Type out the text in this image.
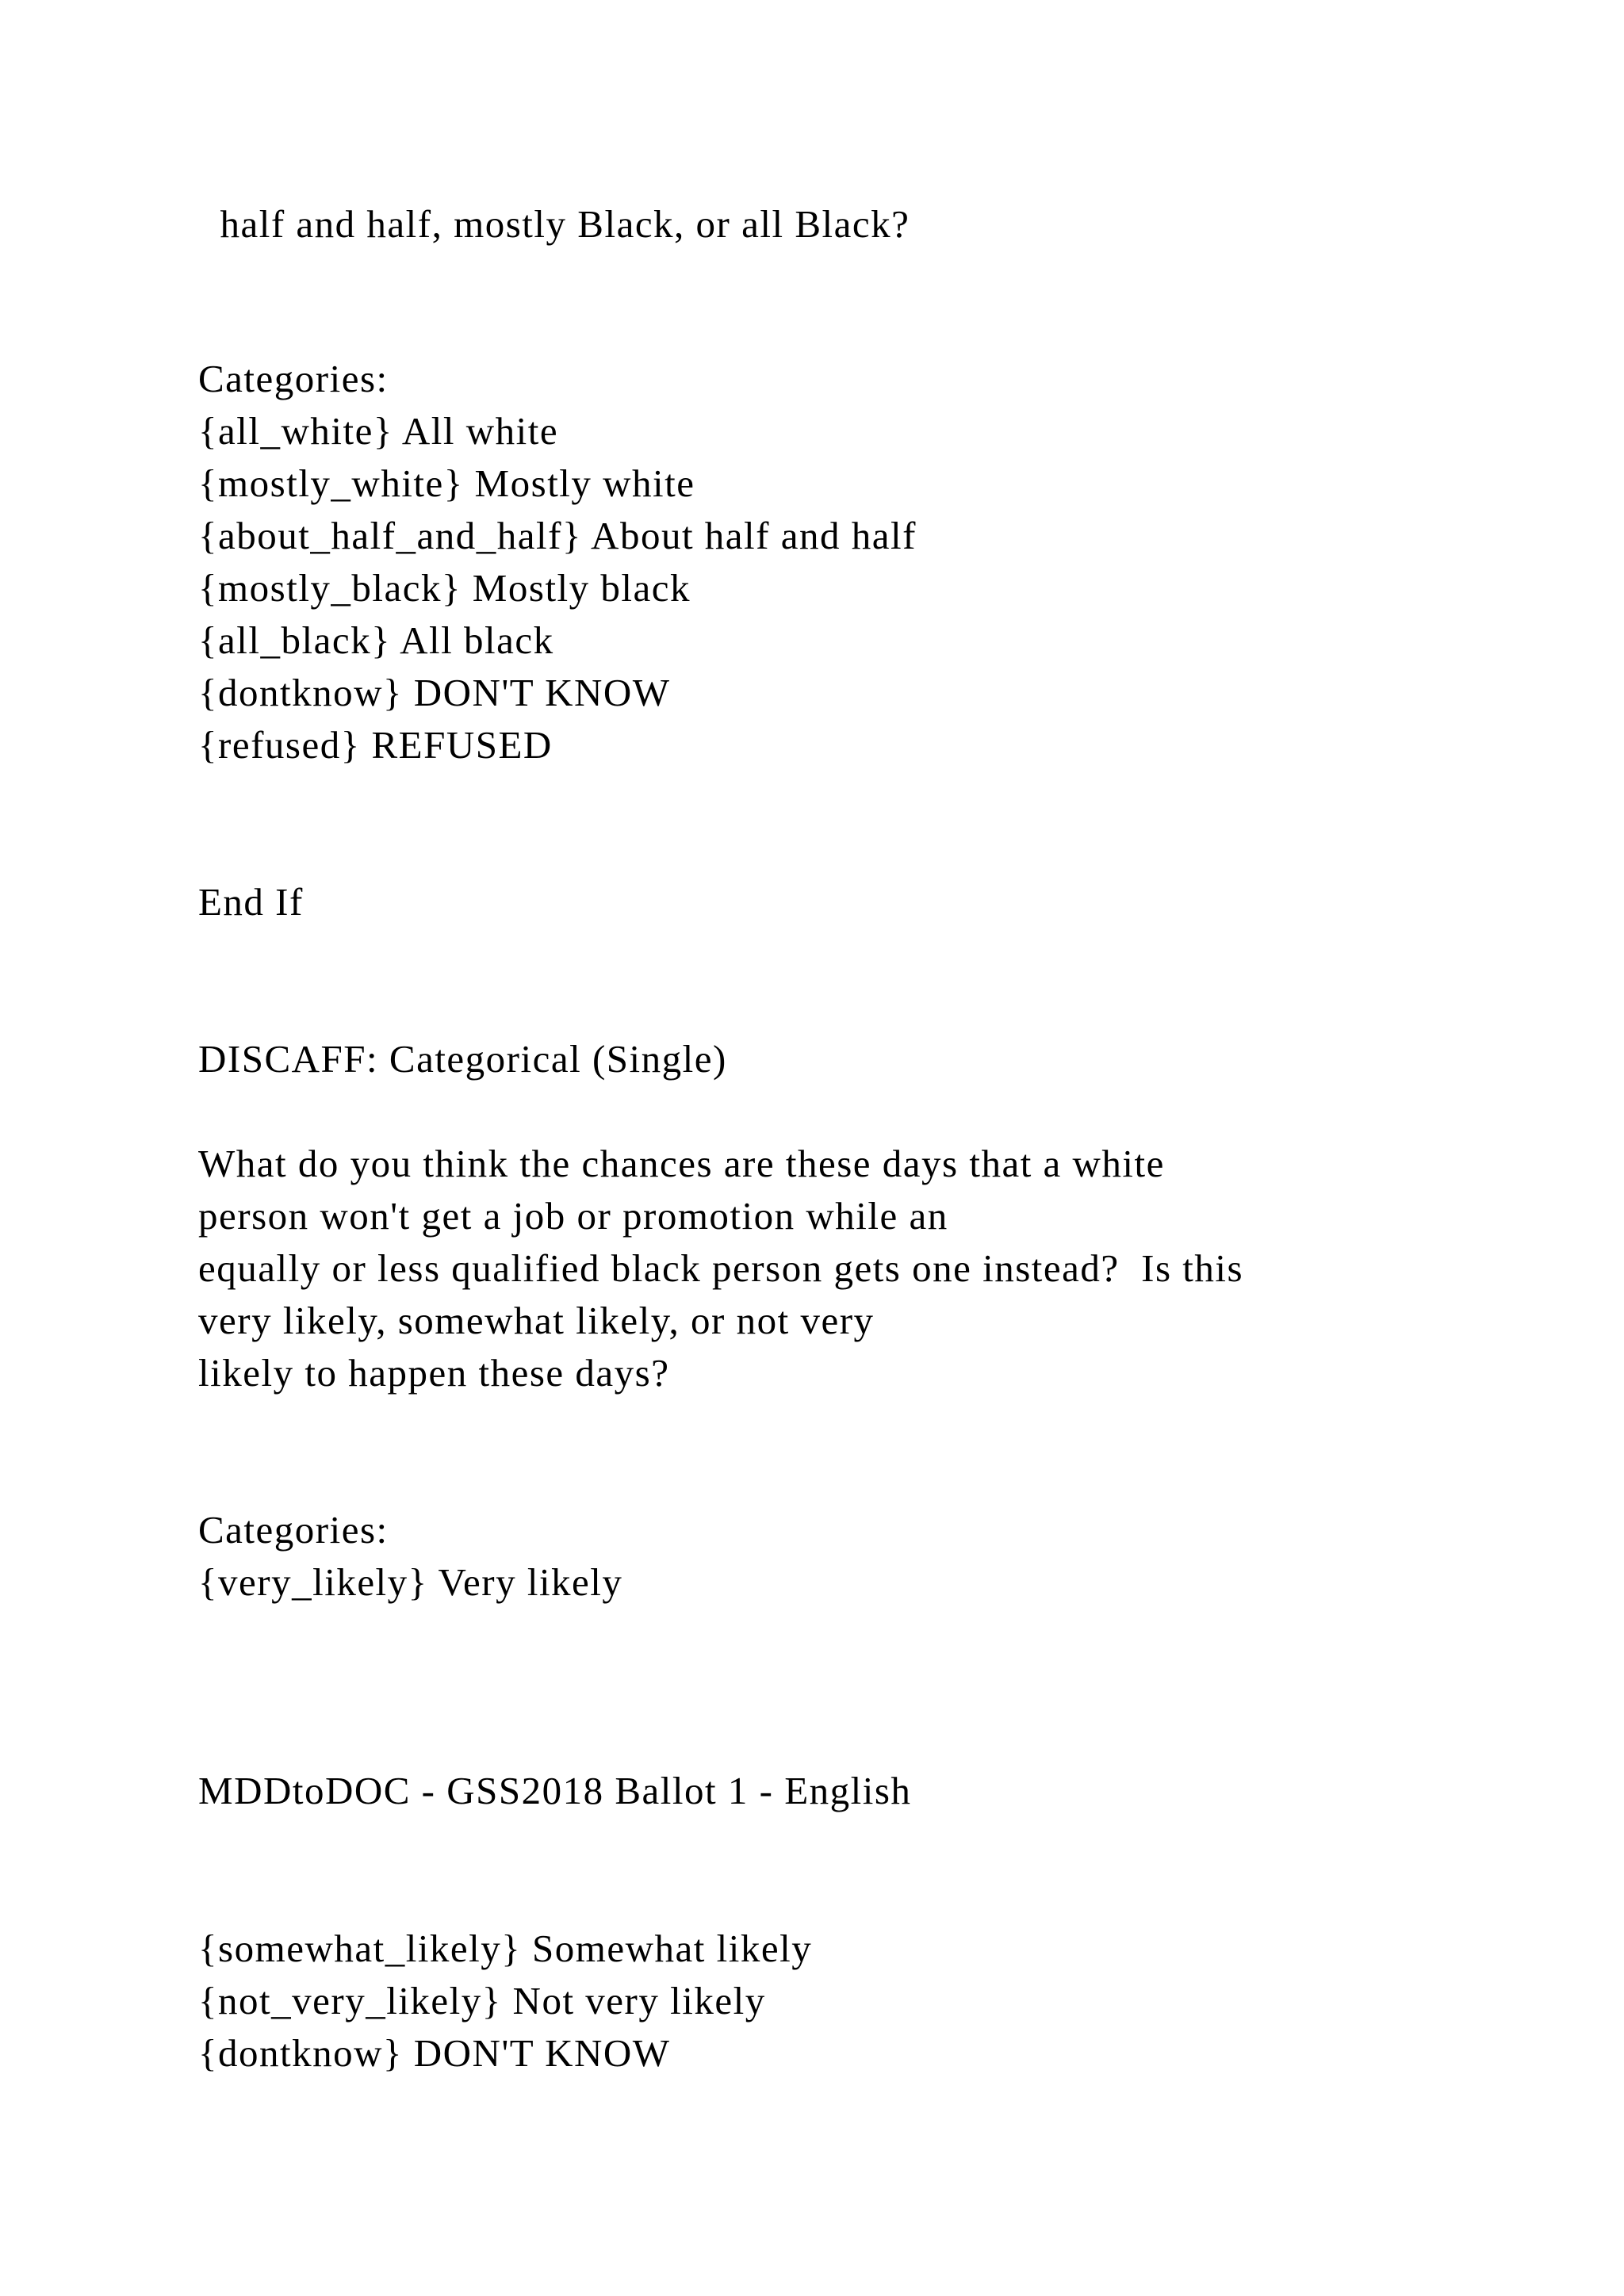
half and half, mostly Black, or all Black?
Categories:
{all_white} All white
{mostly_white} Mostly white
{about_half_and_half} About half and half
{mostly_black} Mostly black
{all_black} All black
{dontknow} DON'T KNOW
{refused} REFUSED
End If
DISCAFF: Categorical (Single)
What do you think the chances are these days that a white
person won't get a job or promotion while an
equally or less qualified black person gets one instead?  Is this
very likely, somewhat likely, or not very
likely to happen these days?
Categories:
{very_likely} Very likely
MDDtoDOC - GSS2018 Ballot 1 - English
{somewhat_likely} Somewhat likely
{not_very_likely} Not very likely
{dontknow} DON'T KNOW
